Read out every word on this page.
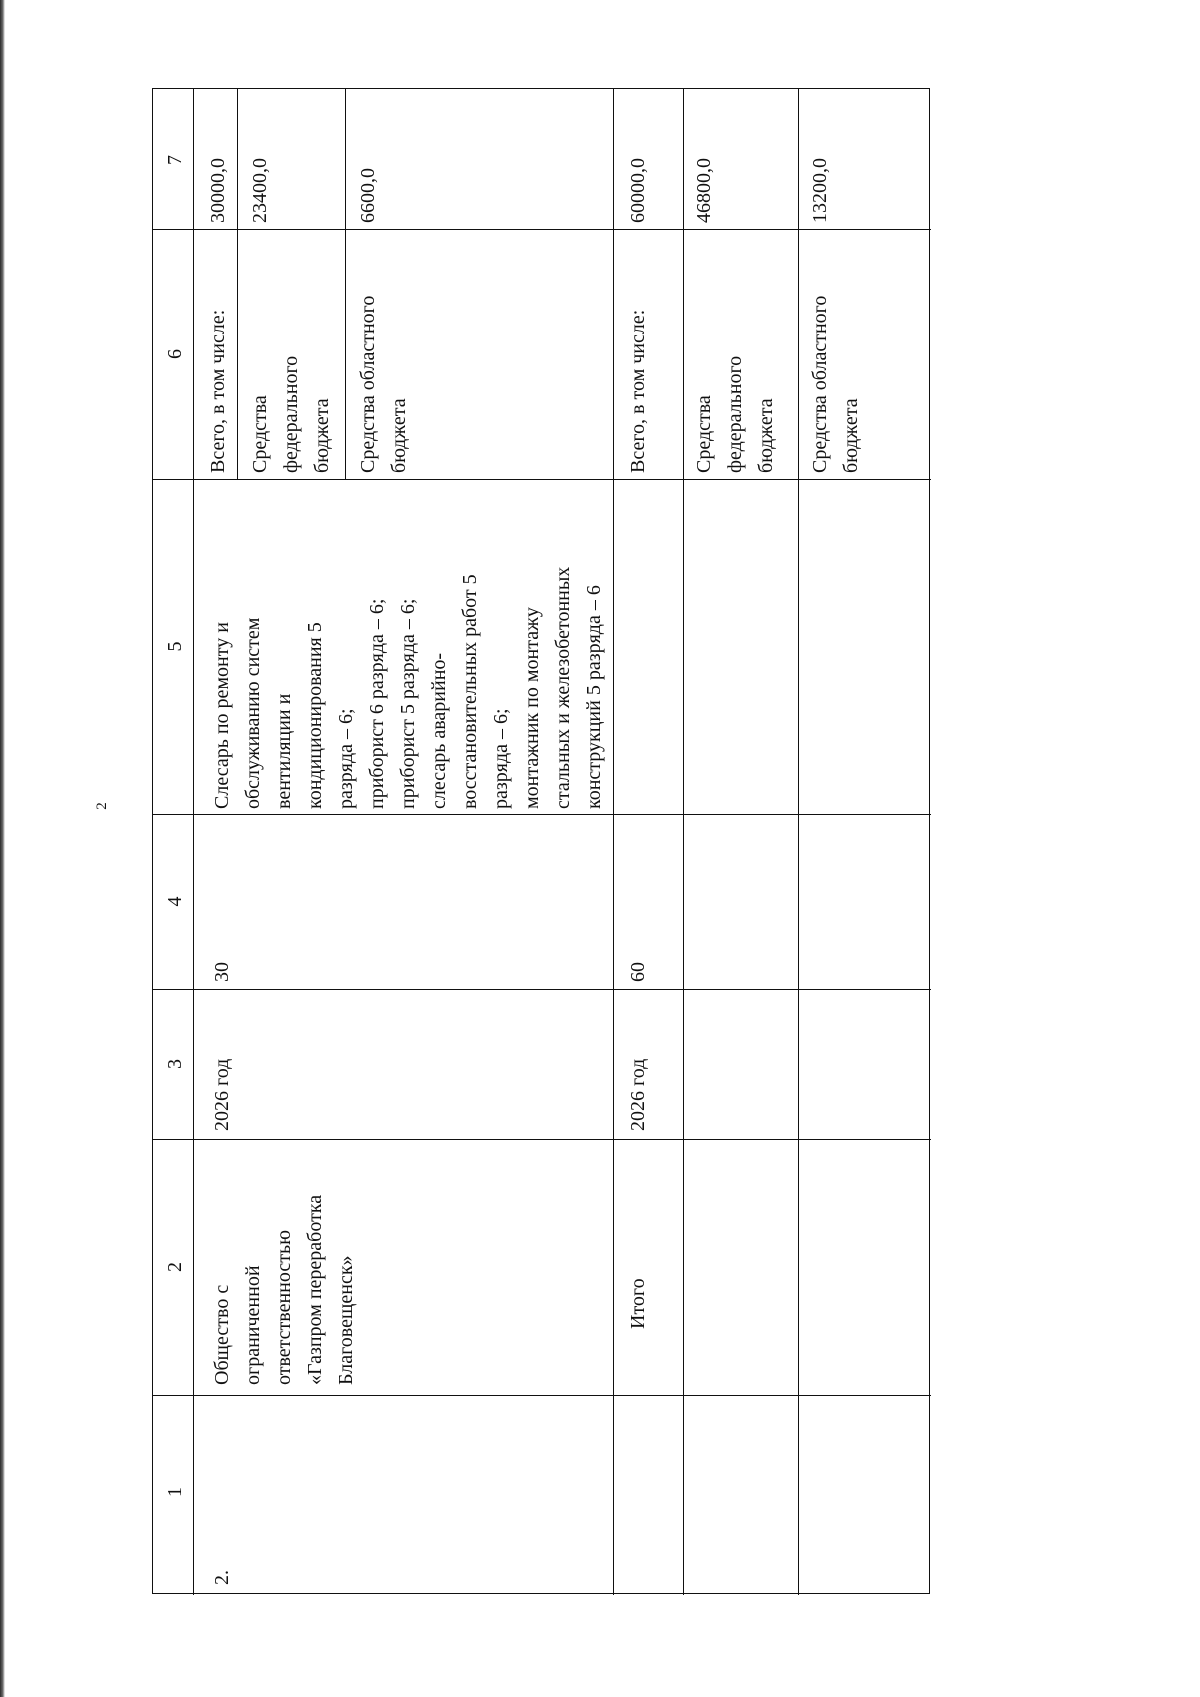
2
1
2
3
4
5
6
7
2.
Общество с ограниченной ответственностью «Газпром переработка Благовещенск»
2026 год
30
Слесарь по ремонту и обслуживанию систем вентиляции и кондиционирования 5 разряда – 6; приборист 6 разряда – 6; приборист 5 разряда – 6; слесарь аварийно- восстановительных работ 5 разряда – 6; монтажник по монтажу стальных и железобетонных конструкций 5 разряда – 6
Всего, в том числе:
30000,0
Средства федерального бюджета
23400,0
Средства областного бюджета
6600,0
Итого
2026 год
60
Всего, в том числе:
60000,0
Средства федерального бюджета
46800,0
Средства областного бюджета
13200,0
